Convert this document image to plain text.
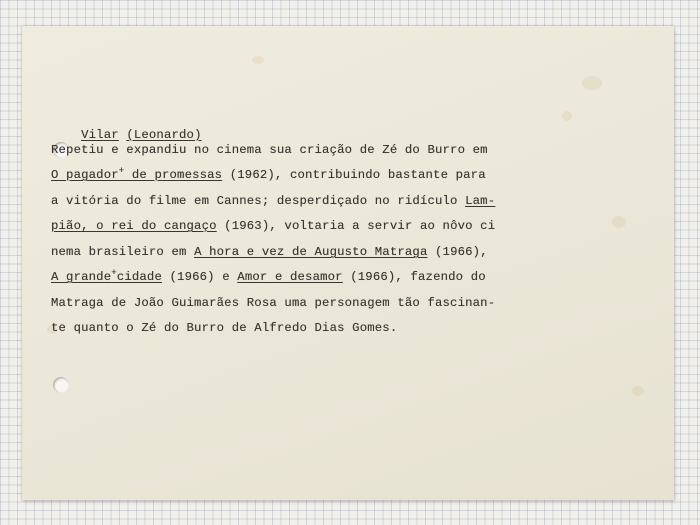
Vilar (Leonardo)

Repetiu e expandiu no cinema sua criação de Zé do Burro em
O pagador+ de promessas (1962), contribuindo bastante para
a vitória do filme em Cannes; desperdiçado no ridículo Lam-
pião, o rei do cangaço (1963), voltaria a servir ao nôvo ci
nema brasileiro em A hora e vez de Augusto Matraga (1966),
A grande+cidade (1966) e Amor e desamor (1966), fazendo do
Matraga de João Guimarães Rosa uma personagem tão fascinan-
te quanto o Zé do Burro de Alfredo Dias Gomes.
